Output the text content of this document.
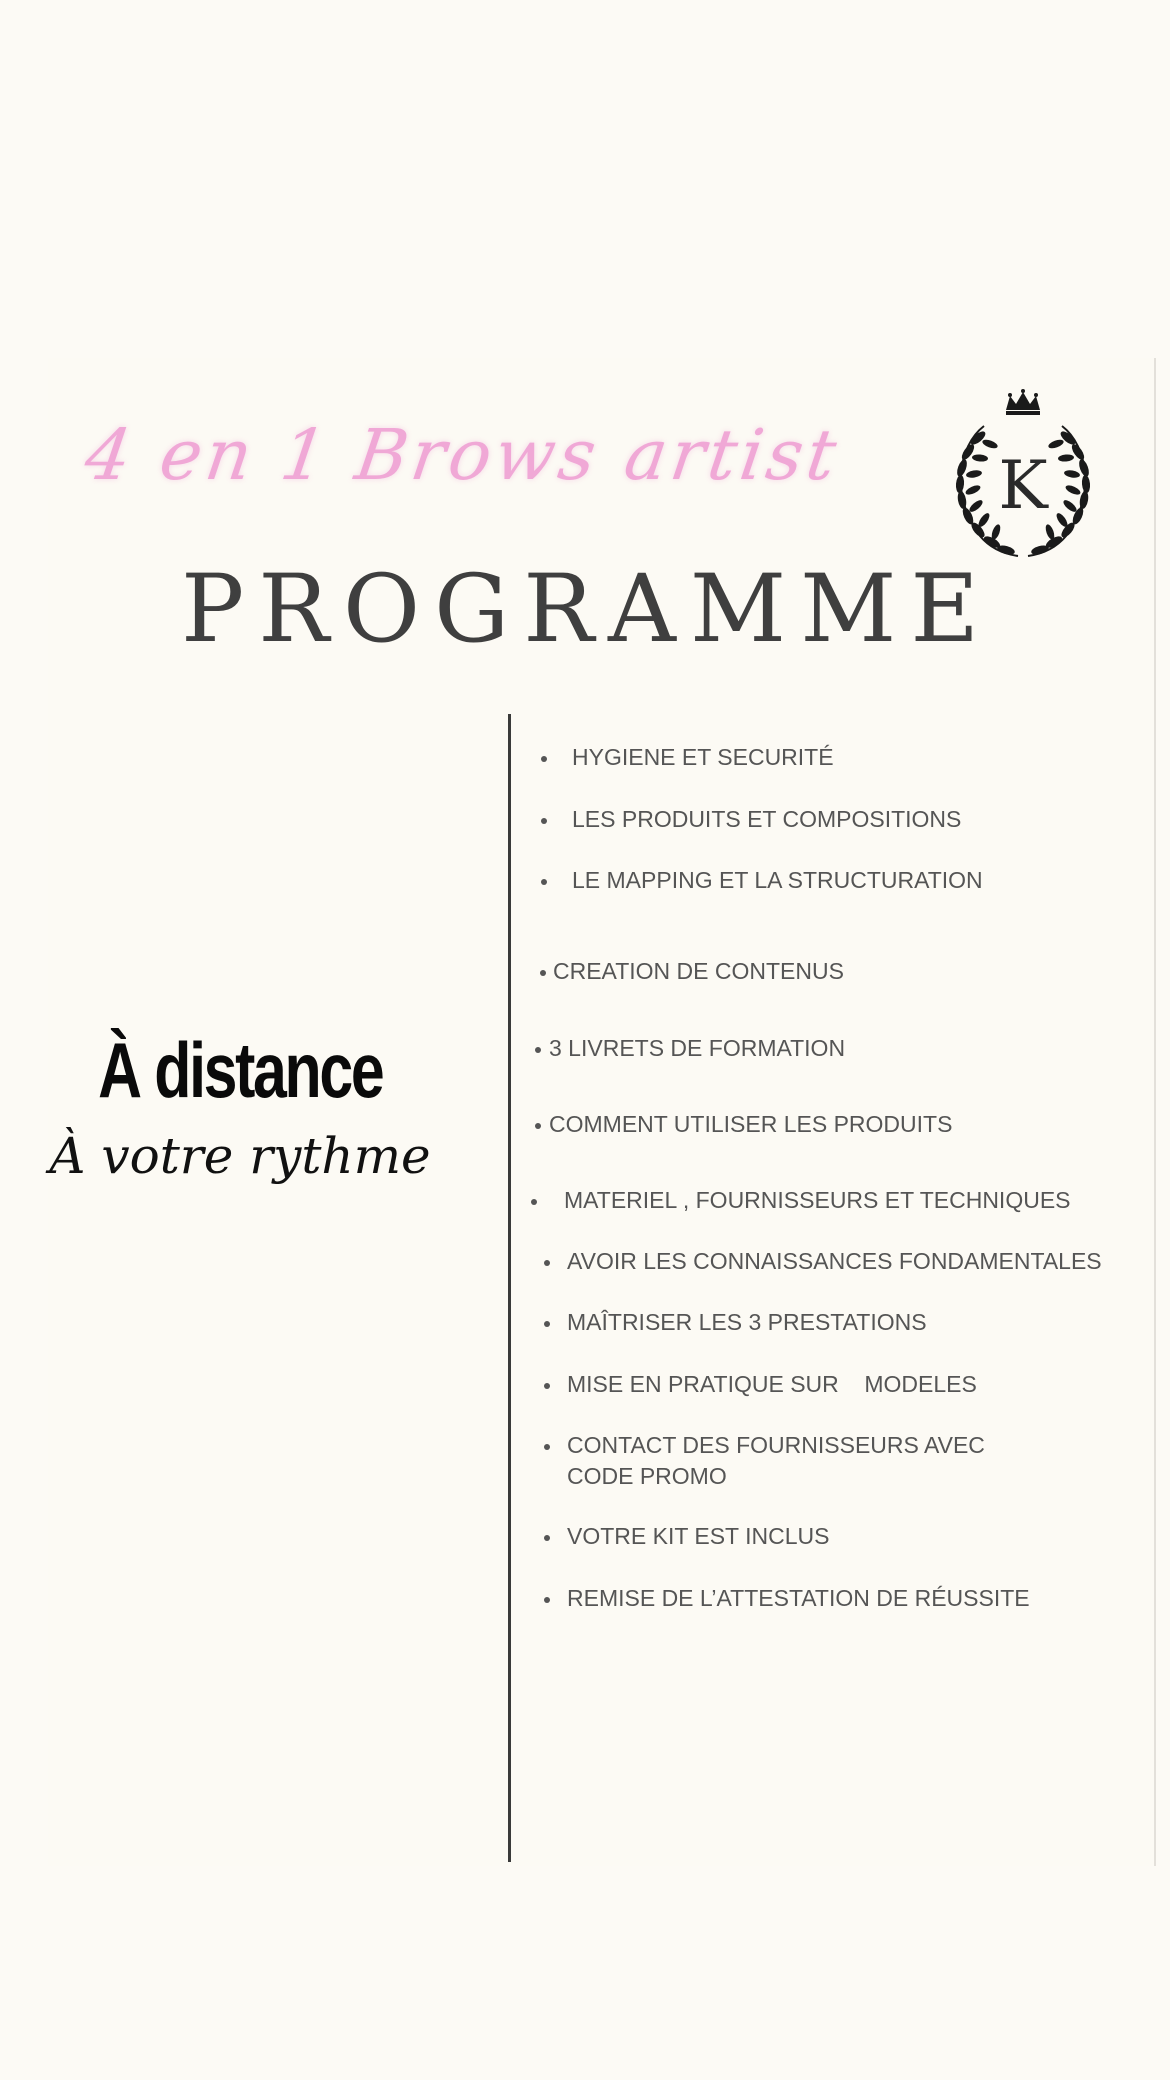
4 en 1 Brows artist K
PROGRAMME
À distance
À votre rythme
HYGIENE ET SECURITÉ
LES PRODUITS ET COMPOSITIONS
LE MAPPING ET LA STRUCTURATION
CREATION DE CONTENUS
3 LIVRETS DE FORMATION
COMMENT UTILISER LES PRODUITS
MATERIEL , FOURNISSEURS ET TECHNIQUES
AVOIR LES CONNAISSANCES FONDAMENTALES
MAÎTRISER LES 3 PRESTATIONS
MISE EN PRATIQUE SUR    MODELES
CONTACT DES FOURNISSEURS AVEC
CODE PROMO
VOTRE KIT EST INCLUS
REMISE DE L’ATTESTATION DE RÉUSSITE
